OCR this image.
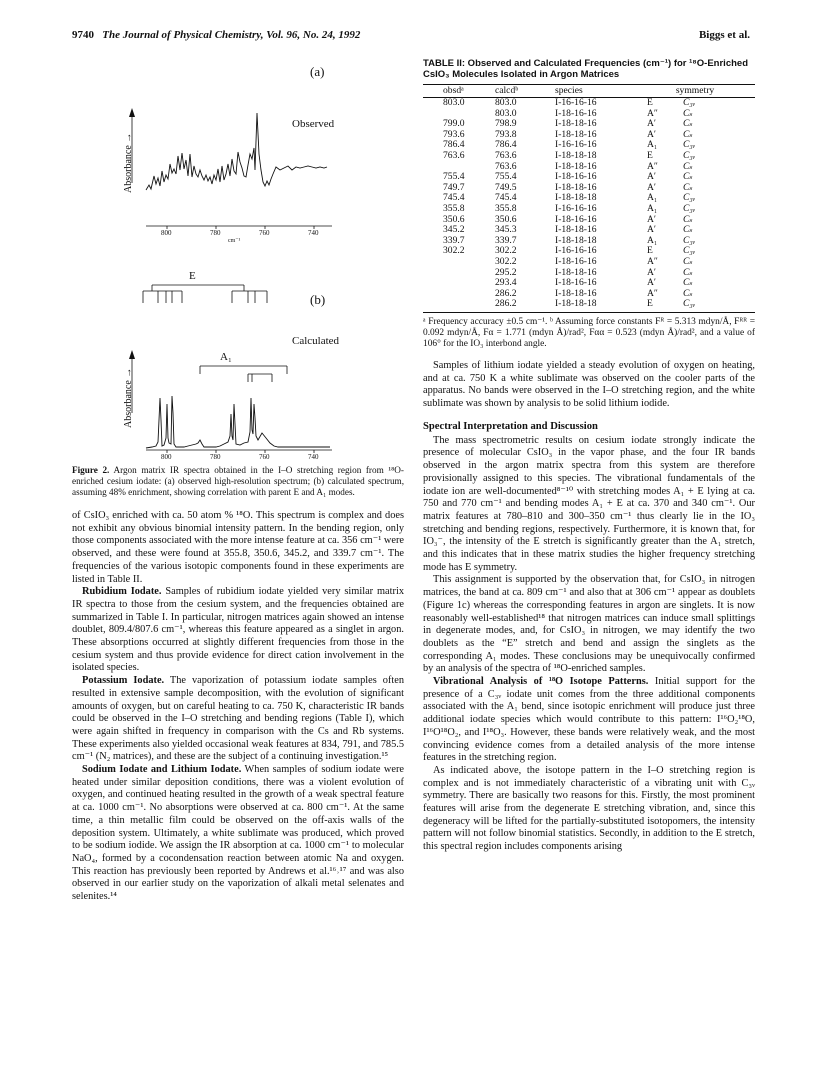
9740 The Journal of Physical Chemistry, Vol. 96, No. 24, 1992	Biggs et al.
(a)
Observed
(b)
Calculated
E
A₁
Absorbance →
Absorbance →
800	780	760	740
cm⁻¹
800	780	760	740
Figure 2. Argon matrix IR spectra obtained in the I–O stretching region from ¹⁸O-enriched cesium iodate: (a) observed high-resolution spectrum; (b) calculated spectrum, assuming 48% enrichment, showing correlation with parent E and A₁ modes.

of CsIO₃ enriched with ca. 50 atom % ¹⁸O. This spectrum is complex and does not exhibit any obvious binomial intensity pattern. In the bending region, only those components associated with the more intense feature at ca. 356 cm⁻¹ were observed, and these were found at 355.8, 350.6, 345.2, and 339.7 cm⁻¹. The frequencies of the various isotopic components found in these experiments are listed in Table II.

Rubidium Iodate. Samples of rubidium iodate yielded very similar matrix IR spectra to those from the cesium system, and the frequencies obtained are summarized in Table I. In particular, nitrogen matrices again showed an intense doublet, 809.4/807.6 cm⁻¹, whereas this feature appeared as a singlet in argon. These absorptions occurred at slightly different frequencies from those in the cesium system and thus provide evidence for direct cation involvement in the isolated species.

Potassium Iodate. The vaporization of potassium iodate samples often resulted in extensive sample decomposition, with the evolution of significant amounts of oxygen, but on careful heating to ca. 750 K, characteristic IR bands could be observed in the I–O stretching and bending regions (Table I), which were again shifted in frequency in comparison with the Cs and Rb systems. These experiments also yielded occasional weak features at 834, 791, and 785.5 cm⁻¹ (N₂ matrices), and these are the subject of a continuing investigation.¹⁵

Sodium Iodate and Lithium Iodate. When samples of sodium iodate were heated under similar deposition conditions, there was a violent evolution of oxygen, and continued heating resulted in the growth of a weak spectral feature at ca. 1000 cm⁻¹. No absorptions were observed at ca. 800 cm⁻¹. At the same time, a thin metallic film could be observed on the off-axis walls of the deposition system. Ultimately, a white sublimate was produced, which proved to be sodium iodide. We assign the IR absorption at ca. 1000 cm⁻¹ to molecular NaO₄, formed by a cocondensation reaction between atomic Na and oxygen. This reaction has previously been reported by Andrews et al.¹⁶˒¹⁷ and was also observed in our earlier study on the vaporization of alkali metal selenates and selenites.¹⁴

TABLE II: Observed and Calculated Frequencies (cm⁻¹) for ¹⁸O-Enriched CsIO₃ Molecules Isolated in Argon Matrices
obsdᵃ	calcdᵇ	species	symmetry	
803.0	803.0	I-16-16-16	E	C₃ᵥ
	803.0	I-18-16-16	A″	Cₛ
799.0	798.9	I-18-18-16	A′	Cₛ
793.6	793.8	I-18-18-16	A′	Cₛ
786.4	786.4	I-16-16-16	A₁	C₃ᵥ
763.6	763.6	I-18-18-18	E	C₃ᵥ
	763.6	I-18-18-16	A″	Cₛ
755.4	755.4	I-18-16-16	A′	Cₛ
749.7	749.5	I-18-18-16	A′	Cₛ
745.4	745.4	I-18-18-18	A₁	C₃ᵥ
355.8	355.8	I-16-16-16	A₁	C₃ᵥ
350.6	350.6	I-18-16-16	A′	Cₛ
345.2	345.3	I-18-18-16	A′	Cₛ
339.7	339.7	I-18-18-18	A₁	C₃ᵥ
302.2	302.2	I-16-16-16	E	C₃ᵥ
	302.2	I-18-16-16	A″	Cₛ
	295.2	I-18-18-16	A′	Cₛ
	293.4	I-18-16-16	A′	Cₛ
	286.2	I-18-18-16	A″	Cₛ
	286.2	I-18-18-18	E	C₃ᵥ
ᵃ Frequency accuracy ±0.5 cm⁻¹. ᵇ Assuming force constants Fᴿ = 5.313 mdyn/Å, Fᴿᴿ = 0.092 mdyn/Å, Fα = 1.771 (mdyn Å)/rad², Fαα = 0.523 (mdyn Å)/rad², and a value of 106° for the IO₃ interbond angle.

Samples of lithium iodate yielded a steady evolution of oxygen on heating, and at ca. 750 K a white sublimate was observed on the cooler parts of the apparatus. No bands were observed in the I–O stretching region, and the white sublimate was shown by analysis to be solid lithium iodide.

Spectral Interpretation and Discussion

The mass spectrometric results on cesium iodate strongly indicate the presence of molecular CsIO₃ in the vapor phase, and the four IR bands observed in the argon matrix spectra from this system are therefore provisionally assigned to this species. The vibrational fundamentals of the iodate ion are well-documented⁸⁻¹⁰ with stretching modes A₁ + E lying at ca. 750 and 770 cm⁻¹ and bending modes A₁ + E at ca. 370 and 340 cm⁻¹. Our matrix features at 780–810 and 300–350 cm⁻¹ thus clearly lie in the IO₃ stretching and bending regions, respectively. Furthermore, it is known that, for IO₃⁻, the intensity of the E stretch is significantly greater than the A₁ stretch, and this indicates that in these matrix studies the higher frequency stretching mode has E symmetry.

This assignment is supported by the observation that, for CsIO₃ in nitrogen matrices, the band at ca. 809 cm⁻¹ and also that at 306 cm⁻¹ appear as doublets (Figure 1c) whereas the corresponding features in argon are singlets. It is now reasonably well-established¹⁸ that nitrogen matrices can induce small splittings in degenerate modes, and, for CsIO₃ in nitrogen, we may identify the two doublets as the “E” stretch and bend and assign the singlets as the corresponding A₁ modes. These conclusions may be unequivocally confirmed by an analysis of the spectra of ¹⁸O-enriched samples.

Vibrational Analysis of ¹⁸O Isotope Patterns. Initial support for the presence of a C₃ᵥ iodate unit comes from the three additional components associated with the A₁ bend, since isotopic enrichment will produce just three additional iodate species which would contribute to this pattern: I¹⁶O₂¹⁸O, I¹⁶O¹⁸O₂, and I¹⁸O₃. However, these bands were relatively weak, and the most convincing evidence comes from a detailed analysis of the more intense features in the stretching region.

As indicated above, the isotope pattern in the I–O stretching region is complex and is not immediately characteristic of a vibrating unit with C₃ᵥ symmetry. There are basically two reasons for this. Firstly, the most prominent features will arise from the degenerate E stretching vibration, and, since this degeneracy will be lifted for the partially-substituted isotopomers, the intensity pattern will not follow binomial statistics. Secondly, in addition to the E stretch, this spectral region includes components arising
